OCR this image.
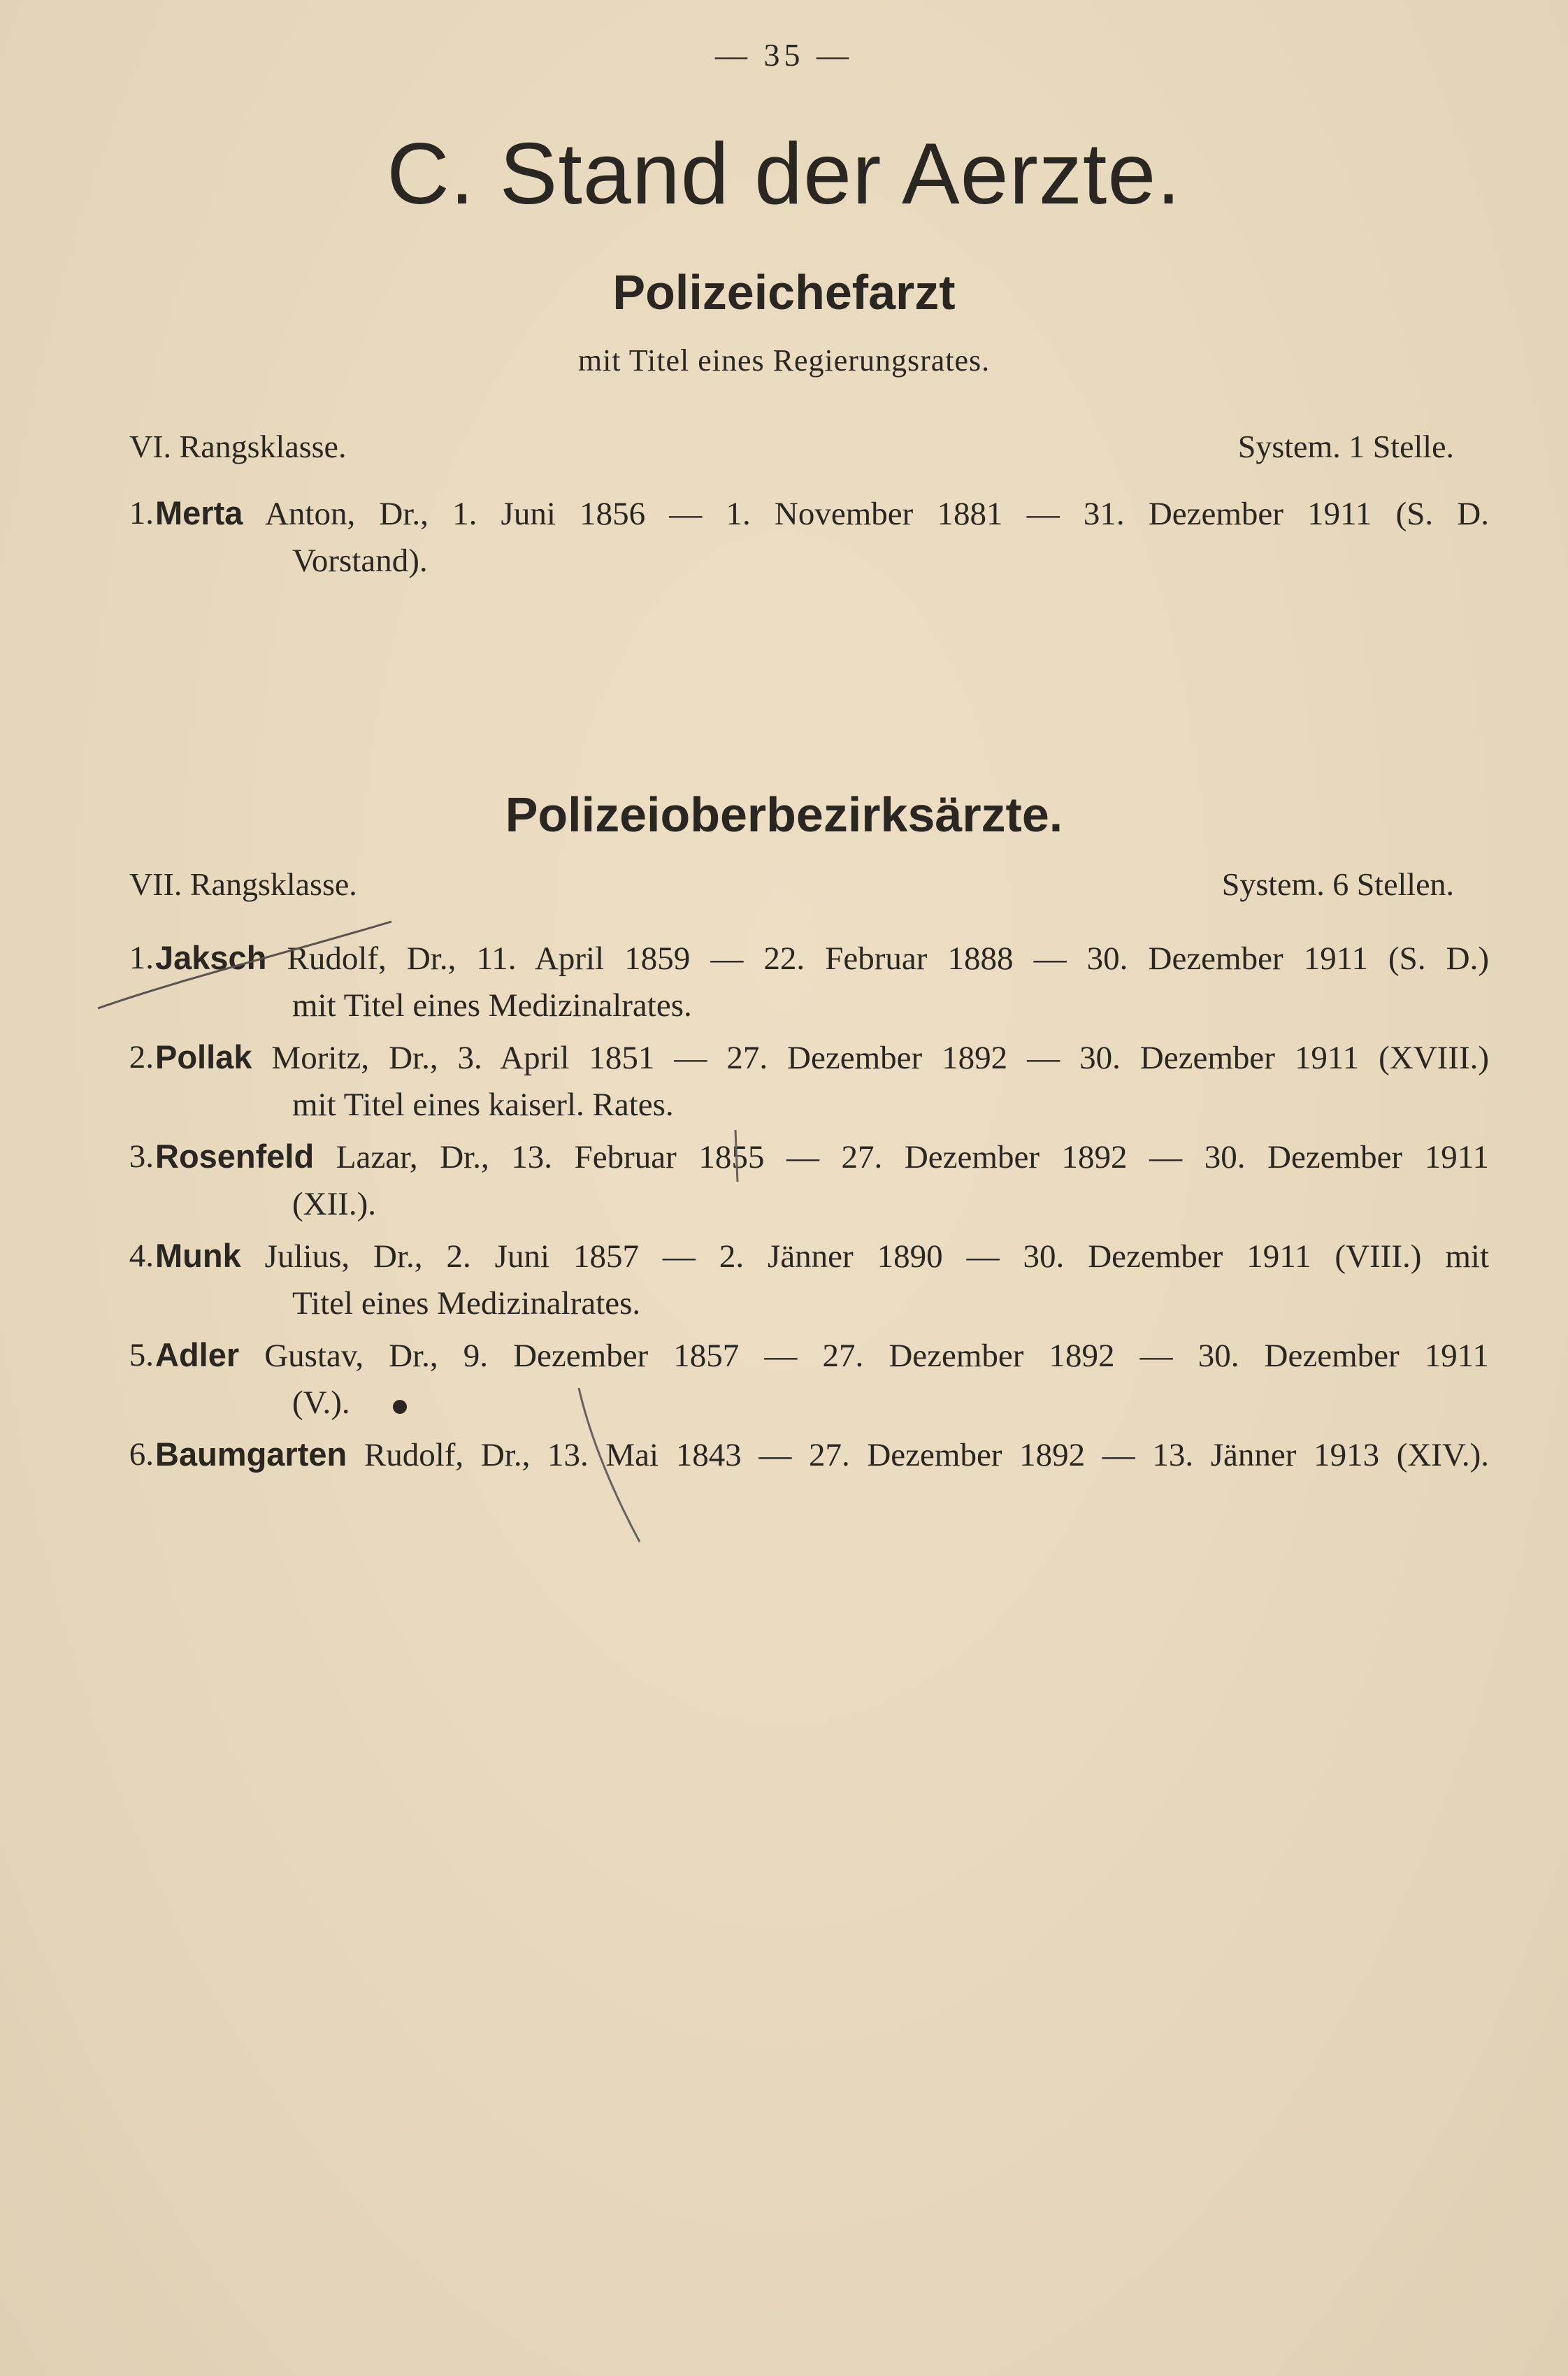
— 35 —
C. Stand der Aerzte.
Polizeichefarzt
mit Titel eines Regierungsrates.
VI. Rangsklasse.	System. 1 Stelle.
1. Merta Anton, Dr., 1. Juni 1856 — 1. November 1881 — 31. Dezember 1911 (S. D.
Vorstand).
Polizeioberbezirksärzte.
VII. Rangsklasse.	System. 6 Stellen.
1. Jaksch Rudolf, Dr., 11. April 1859 — 22. Februar 1888 — 30. Dezember 1911 (S. D.)
mit Titel eines Medizinalrates.
2. Pollak Moritz, Dr., 3. April 1851 — 27. Dezember 1892 — 30. Dezember 1911 (XVIII.)
mit Titel eines kaiserl. Rates.
3. Rosenfeld Lazar, Dr., 13. Februar 1855 — 27. Dezember 1892 — 30. Dezember 1911
(XII.).
4. Munk Julius, Dr., 2. Juni 1857 — 2. Jänner 1890 — 30. Dezember 1911 (VIII.) mit
Titel eines Medizinalrates.
5. Adler Gustav, Dr., 9. Dezember 1857 — 27. Dezember 1892 — 30. Dezember 1911
(V.).
6. Baumgarten Rudolf, Dr., 13. Mai 1843 — 27. Dezember 1892 — 13. Jänner 1913 (XIV.).
